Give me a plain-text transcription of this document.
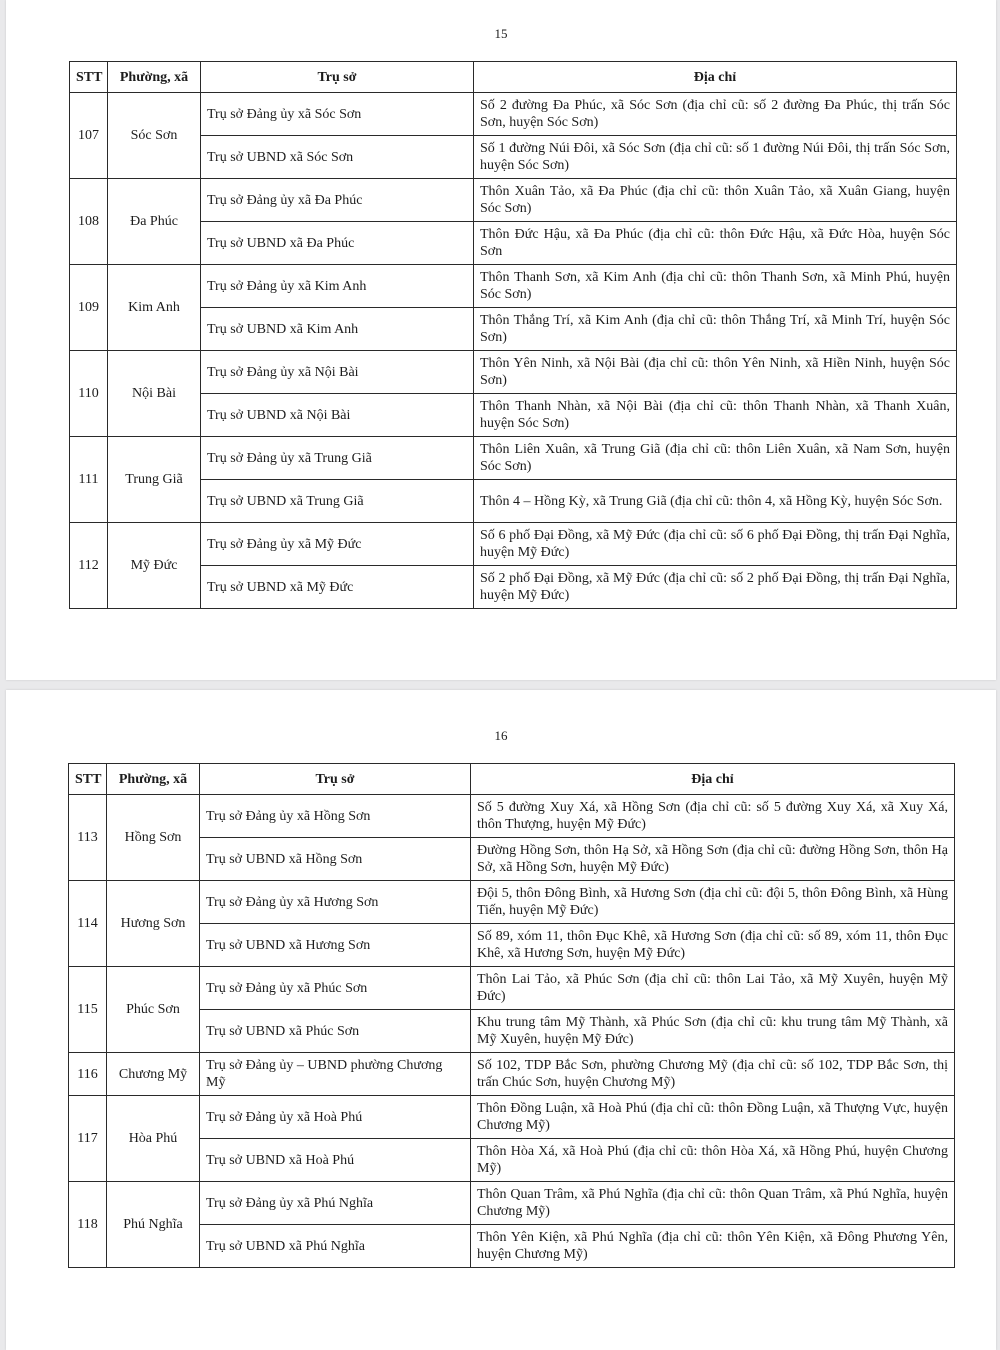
15
STT	Phường, xã	Trụ sở	Địa chỉ
107	Sóc Sơn	Trụ sở Đảng ủy xã Sóc Sơn	Số 2 đường Đa Phúc, xã Sóc Sơn (địa chỉ cũ: số 2 đường Đa Phúc, thị trấn Sóc Sơn, huyện Sóc Sơn)
		Trụ sở UBND xã Sóc Sơn	Số 1 đường Núi Đôi, xã Sóc Sơn (địa chỉ cũ: số 1 đường Núi Đôi, thị trấn Sóc Sơn, huyện Sóc Sơn)
108	Đa Phúc	Trụ sở Đảng ủy xã Đa Phúc	Thôn Xuân Tảo, xã Đa Phúc (địa chỉ cũ: thôn Xuân Tảo, xã Xuân Giang, huyện Sóc Sơn)
		Trụ sở UBND xã Đa Phúc	Thôn Đức Hậu, xã Đa Phúc (địa chỉ cũ: thôn Đức Hậu, xã Đức Hòa, huyện Sóc Sơn
109	Kim Anh	Trụ sở Đảng ủy xã Kim Anh	Thôn Thanh Sơn, xã Kim Anh (địa chỉ cũ: thôn Thanh Sơn, xã Minh Phú, huyện Sóc Sơn)
		Trụ sở UBND xã Kim Anh	Thôn Thắng Trí, xã Kim Anh (địa chỉ cũ: thôn Thắng Trí, xã Minh Trí, huyện Sóc Sơn)
110	Nội Bài	Trụ sở Đảng ủy xã Nội Bài	Thôn Yên Ninh, xã Nội Bài (địa chỉ cũ: thôn Yên Ninh, xã Hiền Ninh, huyện Sóc Sơn)
		Trụ sở UBND xã Nội Bài	Thôn Thanh Nhàn, xã Nội Bài (địa chỉ cũ: thôn Thanh Nhàn, xã Thanh Xuân, huyện Sóc Sơn)
111	Trung Giã	Trụ sở Đảng ủy xã Trung Giã	Thôn Liên Xuân, xã Trung Giã (địa chỉ cũ: thôn Liên Xuân, xã Nam Sơn, huyện Sóc Sơn)
		Trụ sở UBND xã Trung Giã	Thôn 4 – Hồng Kỳ, xã Trung Giã (địa chỉ cũ: thôn 4, xã Hồng Kỳ, huyện Sóc Sơn.
112	Mỹ Đức	Trụ sở Đảng ủy xã Mỹ Đức	Số 6 phố Đại Đồng, xã Mỹ Đức (địa chỉ cũ: số 6 phố Đại Đồng, thị trấn Đại Nghĩa, huyện Mỹ Đức)
		Trụ sở UBND xã Mỹ Đức	Số 2 phố Đại Đồng, xã Mỹ Đức (địa chỉ cũ: số 2 phố Đại Đồng, thị trấn Đại Nghĩa, huyện Mỹ Đức)
16
STT	Phường, xã	Trụ sở	Địa chỉ
113	Hồng Sơn	Trụ sở Đảng ủy xã Hồng Sơn	Số 5 đường Xuy Xá, xã Hồng Sơn (địa chỉ cũ: số 5 đường Xuy Xá, xã Xuy Xá, thôn Thượng, huyện Mỹ Đức)
		Trụ sở UBND xã Hồng Sơn	Đường Hồng Sơn, thôn Hạ Sở, xã Hồng Sơn (địa chỉ cũ: đường Hồng Sơn, thôn Hạ Sở, xã Hồng Sơn, huyện Mỹ Đức)
114	Hương Sơn	Trụ sở Đảng ủy xã Hương Sơn	Đội 5, thôn Đông Bình, xã Hương Sơn (địa chỉ cũ: đội 5, thôn Đông Bình, xã Hùng Tiến, huyện Mỹ Đức)
		Trụ sở UBND xã Hương Sơn	Số 89, xóm 11, thôn Đục Khê, xã Hương Sơn (địa chỉ cũ: số 89, xóm 11, thôn Đục Khê, xã Hương Sơn, huyện Mỹ Đức)
115	Phúc Sơn	Trụ sở Đảng ủy xã Phúc Sơn	Thôn Lai Tảo, xã Phúc Sơn (địa chỉ cũ: thôn Lai Tảo, xã Mỹ Xuyên, huyện Mỹ Đức)
		Trụ sở UBND xã Phúc Sơn	Khu trung tâm Mỹ Thành, xã Phúc Sơn (địa chỉ cũ: khu trung tâm Mỹ Thành, xã Mỹ Xuyên, huyện Mỹ Đức)
116	Chương Mỹ	Trụ sở Đảng ủy – UBND phường Chương Mỹ	Số 102, TDP Bắc Sơn, phường Chương Mỹ (địa chỉ cũ: số 102, TDP Bắc Sơn, thị trấn Chúc Sơn, huyện Chương Mỹ)
117	Hòa Phú	Trụ sở Đảng ủy xã Hoà Phú	Thôn Đồng Luận, xã Hoà Phú (địa chỉ cũ: thôn Đồng Luận, xã Thượng Vực, huyện Chương Mỹ)
		Trụ sở UBND xã Hoà Phú	Thôn Hòa Xá, xã Hoà Phú (địa chỉ cũ: thôn Hòa Xá, xã Hồng Phú, huyện Chương Mỹ)
118	Phú Nghĩa	Trụ sở Đảng ủy xã Phú Nghĩa	Thôn Quan Trâm, xã Phú Nghĩa (địa chỉ cũ: thôn Quan Trâm, xã Phú Nghĩa, huyện Chương Mỹ)
		Trụ sở UBND xã Phú Nghĩa	Thôn Yên Kiện, xã Phú Nghĩa (địa chỉ cũ: thôn Yên Kiện, xã Đông Phương Yên, huyện Chương Mỹ)
